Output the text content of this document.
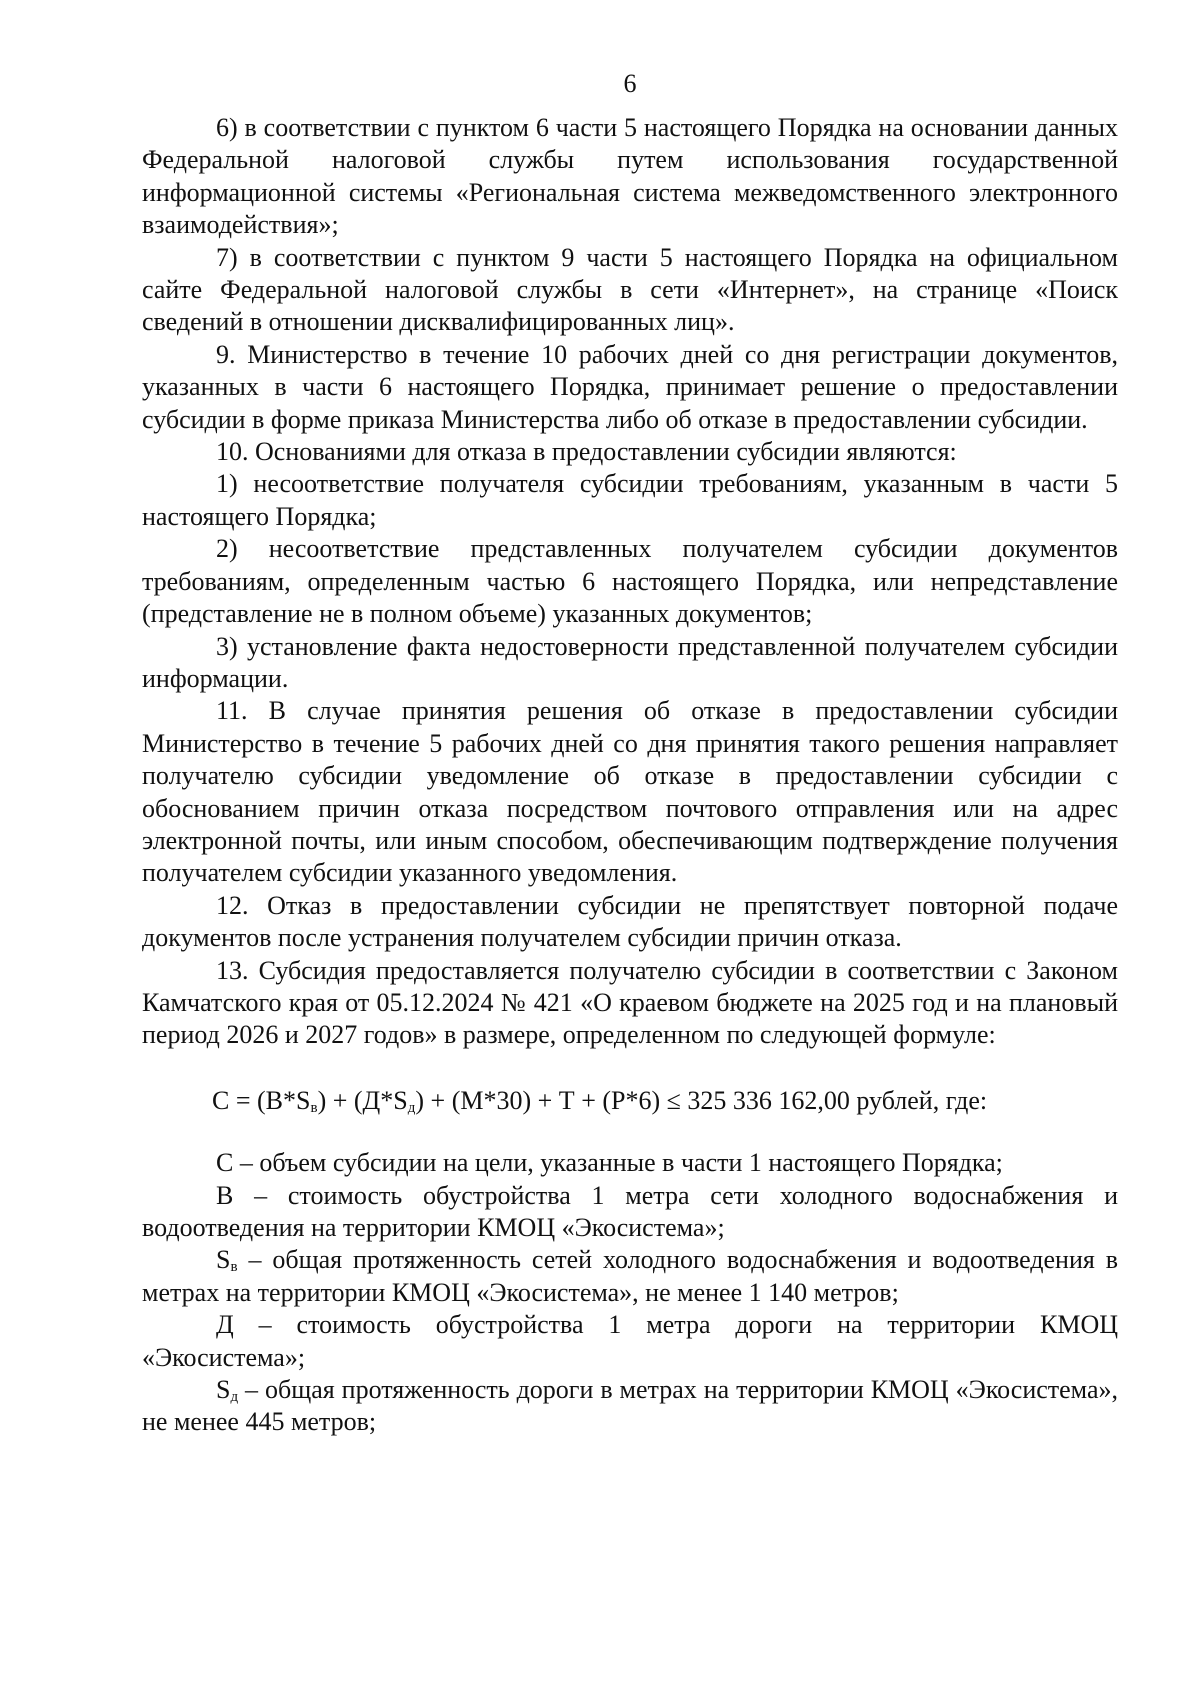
6

6) в соответствии с пунктом 6 части 5 настоящего Порядка на основании данных Федеральной налоговой службы путем использования государственной информационной системы «Региональная система межведомственного электронного взаимодействия»;

7) в соответствии с пунктом 9 части 5 настоящего Порядка на официальном сайте Федеральной налоговой службы в сети «Интернет», на странице «Поиск сведений в отношении дисквалифицированных лиц».

9. Министерство в течение 10 рабочих дней со дня регистрации документов, указанных в части 6 настоящего Порядка, принимает решение о предоставлении субсидии в форме приказа Министерства либо об отказе в предоставлении субсидии.

10. Основаниями для отказа в предоставлении субсидии являются:

1) несоответствие получателя субсидии требованиям, указанным в части 5 настоящего Порядка;

2) несоответствие представленных получателем субсидии документов требованиям, определенным частью 6 настоящего Порядка, или непредставление (представление не в полном объеме) указанных документов;

3) установление факта недостоверности представленной получателем субсидии информации.

11. В случае принятия решения об отказе в предоставлении субсидии Министерство в течение 5 рабочих дней со дня принятия такого решения направляет получателю субсидии уведомление об отказе в предоставлении субсидии с обоснованием причин отказа посредством почтового отправления или на адрес электронной почты, или иным способом, обеспечивающим подтверждение получения получателем субсидии указанного уведомления.

12. Отказ в предоставлении субсидии не препятствует повторной подаче документов после устранения получателем субсидии причин отказа.

13. Субсидия предоставляется получателю субсидии в соответствии с Законом Камчатского края от 05.12.2024 № 421 «О краевом бюджете на 2025 год и на плановый период 2026 и 2027 годов» в размере, определенном по следующей формуле:

$С = (В*S_в) + (Д*S_д) + (М*30) + Т + (Р*6) \le 325$ 336 162,00 рублей, где:

С – объем субсидии на цели, указанные в части 1 настоящего Порядка;

В – стоимость обустройства 1 метра сети холодного водоснабжения и водоотведения на территории КМОЦ «Экосистема»;

$S_в$ – общая протяженность сетей холодного водоснабжения и водоотведения в метрах на территории КМОЦ «Экосистема», не менее 1 140 метров;

Д – стоимость обустройства 1 метра дороги на территории КМОЦ «Экосистема»;

$S_д$ – общая протяженность дороги в метрах на территории КМОЦ «Экосистема», не менее 445 метров;
